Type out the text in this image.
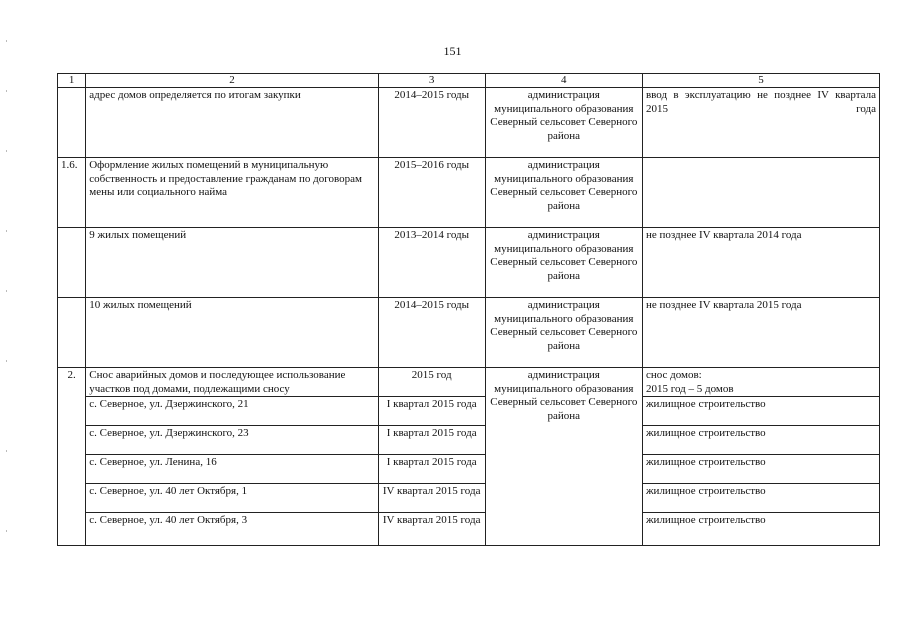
151
1	2	3	4	5
	адрес домов определяется по итогам закупки	2014–2015 годы	администрация муниципального образования Северный сельсовет Северного района	ввод в эксплуатацию не позднее IV квартала 2015 года
1.6.	Оформление жилых помещений в муниципальную собственность и предоставление гражданам по договорам мены или социального найма	2015–2016 годы	администрация муниципального образования Северный сельсовет Северного района	
	9 жилых помещений	2013–2014 годы	администрация муниципального образования Северный сельсовет Северного района	не позднее IV квартала 2014 года
	10 жилых помещений	2014–2015 годы	администрация муниципального образования Северный сельсовет Северного района	не позднее IV квартала 2015 года
2.	Снос аварийных домов и последующее использование участков под домами, подлежащими сносу	2015 год	администрация муниципального образования Северный сельсовет Северного района	снос домов:
2015 год – 5 домов

	с. Северное, ул. Дзержинского, 21	I квартал 2015 года		жилищное строительство
	с. Северное, ул. Дзержинского, 23	I квартал 2015 года		жилищное строительство
	с. Северное, ул. Ленина, 16	I квартал 2015 года		жилищное строительство
	с. Северное, ул. 40 лет Октября, 1	IV квартал 2015 года		жилищное строительство
	с. Северное, ул. 40 лет Октября, 3	IV квартал 2015 года		жилищное строительство
